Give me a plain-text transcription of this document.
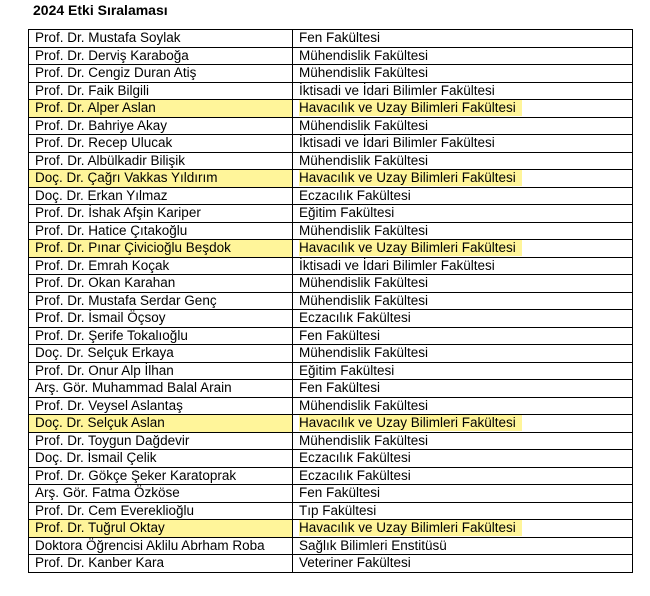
2024 Etki Sıralaması
Prof. Dr. Mustafa Soylak	Fen Fakültesi
Prof. Dr. Derviş Karaboğa	Mühendislik Fakültesi
Prof. Dr. Cengiz Duran Atiş	Mühendislik Fakültesi
Prof. Dr. Faik Bilgili	İktisadi ve İdari Bilimler Fakültesi
Prof. Dr. Alper Aslan	Havacılık ve Uzay Bilimleri Fakültesi
Prof. Dr. Bahriye Akay	Mühendislik Fakültesi
Prof. Dr. Recep Ulucak	İktisadi ve İdari Bilimler Fakültesi
Prof. Dr. Albülkadir Bilişik	Mühendislik Fakültesi
Doç. Dr. Çağrı Vakkas Yıldırım	Havacılık ve Uzay Bilimleri Fakültesi
Doç. Dr. Erkan Yılmaz	Eczacılık Fakültesi
Prof. Dr. İshak Afşin Kariper	Eğitim Fakültesi
Prof. Dr. Hatice Çıtakoğlu	Mühendislik Fakültesi
Prof. Dr. Pınar Çiviciоğlu Beşdok	Havacılık ve Uzay Bilimleri Fakültesi
Prof. Dr. Emrah Koçak	İktisadi ve İdari Bilimler Fakültesi
Prof. Dr. Okan Karahan	Mühendislik Fakültesi
Prof. Dr. Mustafa Serdar Genç	Mühendislik Fakültesi
Prof. Dr. İsmail Öçsoy	Eczacılık Fakültesi
Prof. Dr. Şerife Tokalıoğlu	Fen Fakültesi
Doç. Dr. Selçuk Erkaya	Mühendislik Fakültesi
Prof. Dr. Onur Alp İlhan	Eğitim Fakültesi
Arş. Gör. Muhammad Balal Arain	Fen Fakültesi
Prof. Dr. Veysel Aslantaş	Mühendislik Fakültesi
Doç. Dr. Selçuk Aslan	Havacılık ve Uzay Bilimleri Fakültesi
Prof. Dr. Toygun Dağdevir	Mühendislik Fakültesi
Doç. Dr. İsmail Çelik	Eczacılık Fakültesi
Prof. Dr. Gökçe Şeker Karatoprak	Eczacılık Fakültesi
Arş. Gör. Fatma Özköse	Fen Fakültesi
Prof. Dr. Cem Evereklioğlu	Tıp Fakültesi
Prof. Dr. Tuğrul Oktay	Havacılık ve Uzay Bilimleri Fakültesi
Doktora Öğrencisi Aklilu Abrham Roba	Sağlık Bilimleri Enstitüsü
Prof. Dr. Kanber Kara	Veteriner Fakültesi
